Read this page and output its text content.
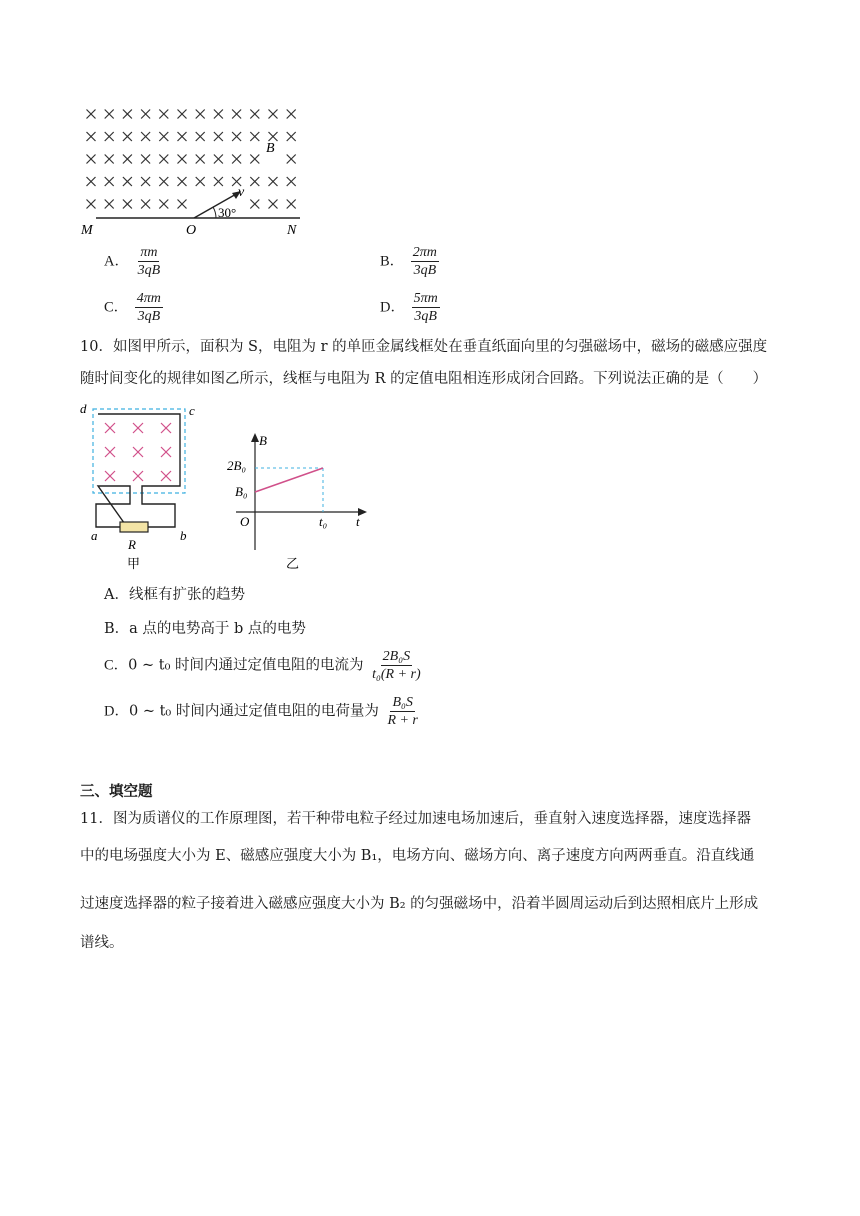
B
v
30°
M	O	N
A． $\frac{\pi m}{3qB}$	B． $\frac{2\pi m}{3qB}$
C． $\frac{4\pi m}{3qB}$	D． $\frac{5\pi m}{3qB}$
10．如图甲所示，面积为 S，电阻为 r 的单匝金属线框处在垂直纸面向里的匀强磁场中，磁场的磁感应强度
随时间变化的规律如图乙所示，线框与电阻为 R 的定值电阻相连形成闭合回路。下列说法正确的是（　　）
d	c
a	b
R
甲
B
2B₀
B₀
O	t₀ t
乙
A．线框有扩张的趋势
B．a 点的电势高于 b 点的电势
C．0 ~ t₀ 时间内通过定值电阻的电流为 $\frac{\text{2B₀S}}{\text{t₀(R + r)}}$
D．0 ~ t₀ 时间内通过定值电阻的电荷量为 $\frac{\text{B₀S}}{R + r}$
三、填空题
11．图为质谱仪的工作原理图，若干种带电粒子经过加速电场加速后，垂直射入速度选择器，速度选择器
中的电场强度大小为 E、磁感应强度大小为 B₁，电场方向、磁场方向、离子速度方向两两垂直。沿直线通
过速度选择器的粒子接着进入磁感应强度大小为 B₂ 的匀强磁场中，沿着半圆周运动后到达照相底片上形成
谱线。
